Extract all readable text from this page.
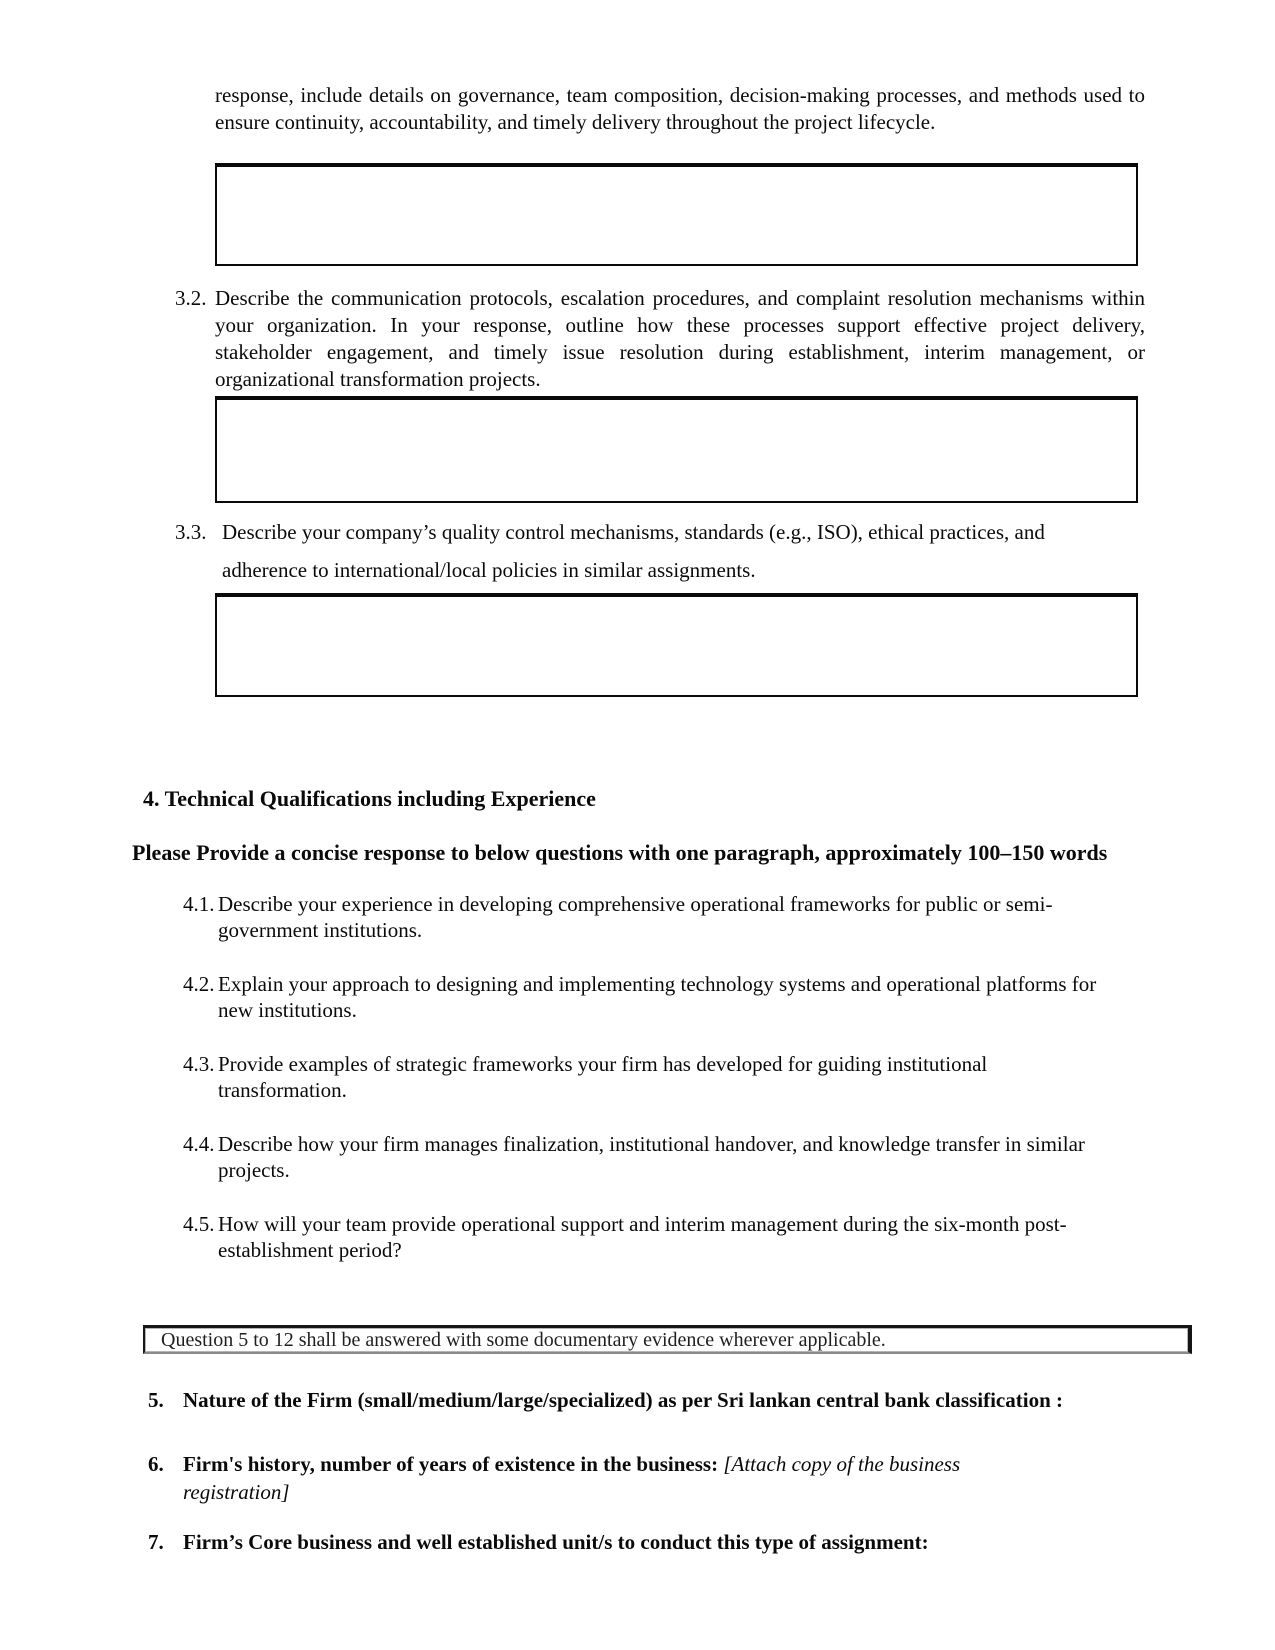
response, include details on governance, team composition, decision-making processes, and methods used to ensure continuity, accountability, and timely delivery throughout the project lifecycle.
3.2. Describe the communication protocols, escalation procedures, and complaint resolution mechanisms within your organization. In your response, outline how these processes support effective project delivery, stakeholder engagement, and timely issue resolution during establishment, interim management, or organizational transformation projects.
3.3. Describe your company’s quality control mechanisms, standards (e.g., ISO), ethical practices, and adherence to international/local policies in similar assignments.
4. Technical Qualifications including Experience
Please Provide a concise response to below questions with one paragraph, approximately 100–150 words
4.1. Describe your experience in developing comprehensive operational frameworks for public or semi-government institutions.
4.2. Explain your approach to designing and implementing technology systems and operational platforms for new institutions.
4.3. Provide examples of strategic frameworks your firm has developed for guiding institutional transformation.
4.4. Describe how your firm manages finalization, institutional handover, and knowledge transfer in similar projects.
4.5. How will your team provide operational support and interim management during the six-month post-establishment period?
Question 5 to 12 shall be answered with some documentary evidence wherever applicable.
5. Nature of the Firm (small/medium/large/specialized) as per Sri lankan central bank classification :
6. Firm's history, number of years of existence in the business: [Attach copy of the business registration]
7. Firm’s Core business and well established unit/s to conduct this type of assignment:
